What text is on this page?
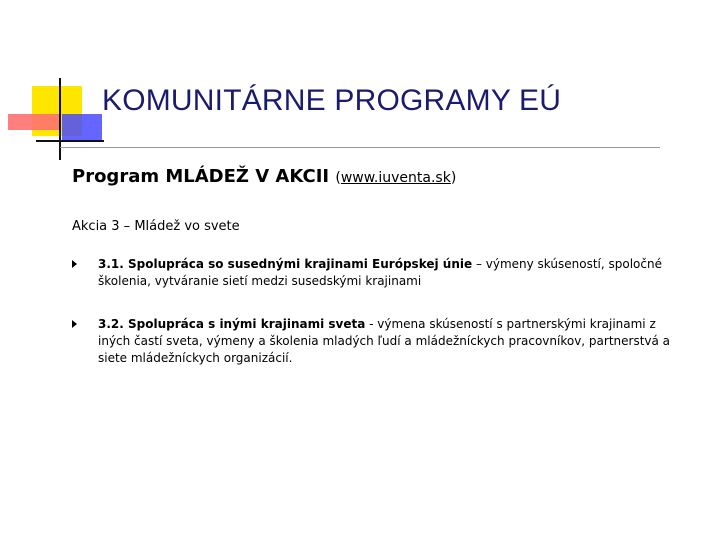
KOMUNITÁRNE PROGRAMY EÚ

Program MLÁDEŽ V AKCII (www.iuventa.sk)

Akcia 3 – Mládež vo svete

3.1. Spolupráca so susednými krajinami Európskej únie – výmeny skúseností, spoločné školenia, vytváranie sietí medzi susedskými krajinami
3.2. Spolupráca s inými krajinami sveta - výmena skúseností s partnerskými krajinami z iných častí sveta, výmeny a školenia mladých ľudí a mládežníckych pracovníkov, partnerstvá a siete mládežníckych organizácií.
